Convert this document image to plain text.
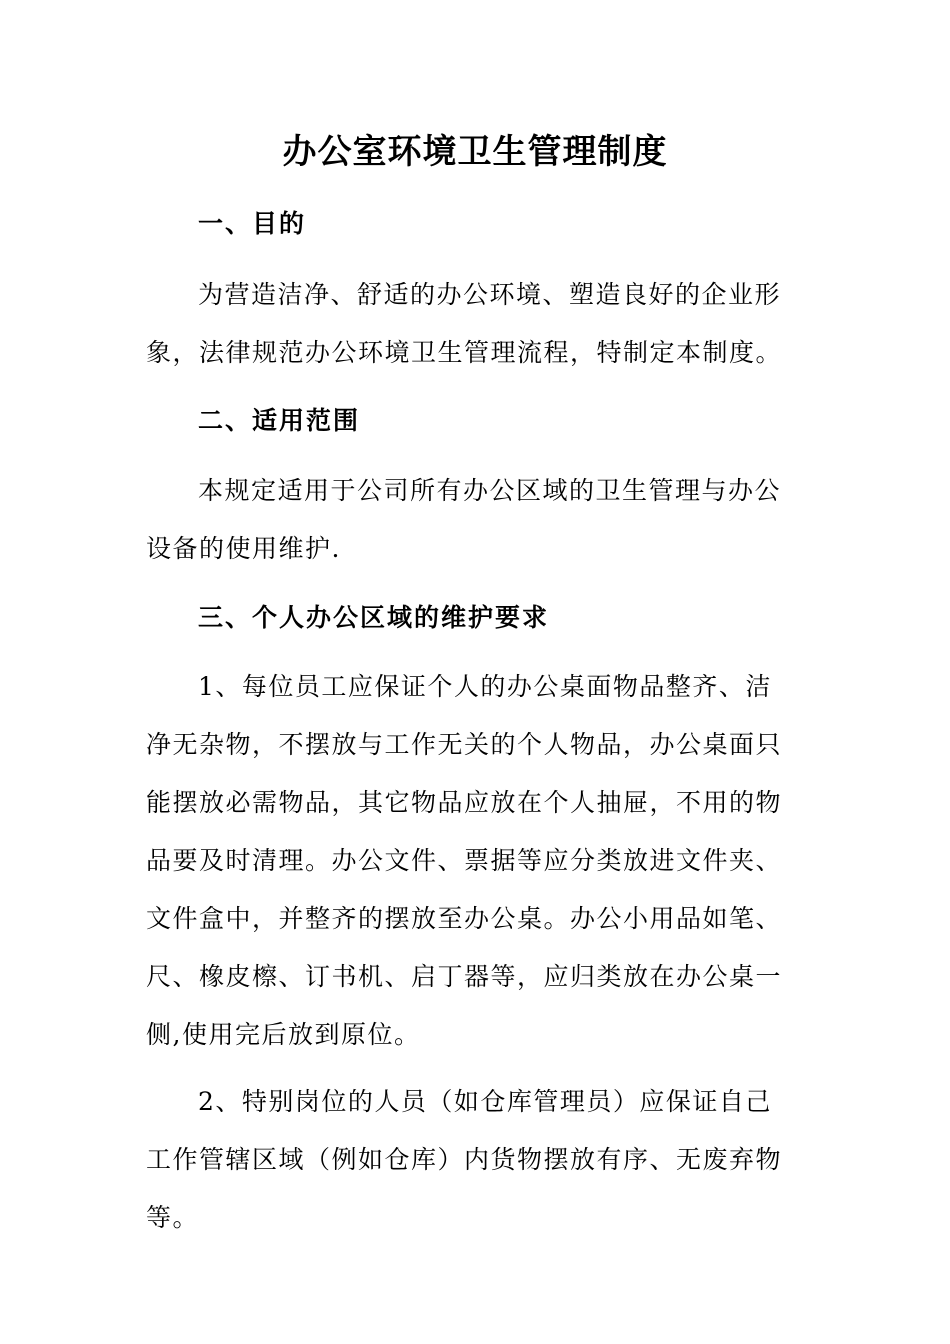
办公室环境卫生管理制度
一、目的

为营造洁净、舒适的办公环境、塑造良好的企业形象，法律规范办公环境卫生管理流程，特制定本制度。

二、适用范围

本规定适用于公司所有办公区域的卫生管理与办公设备的使用维护.

三、个人办公区域的维护要求

1、每位员工应保证个人的办公桌面物品整齐、洁净无杂物，不摆放与工作无关的个人物品，办公桌面只能摆放必需物品，其它物品应放在个人抽屉，不用的物品要及时清理。办公文件、票据等应分类放进文件夹、文件盒中，并整齐的摆放至办公桌。办公小用品如笔、尺、橡皮檫、订书机、启丁器等，应归类放在办公桌一侧,使用完后放到原位。

2、特别岗位的人员（如仓库管理员）应保证自己工作管辖区域（例如仓库）内货物摆放有序、无废弃物等。
